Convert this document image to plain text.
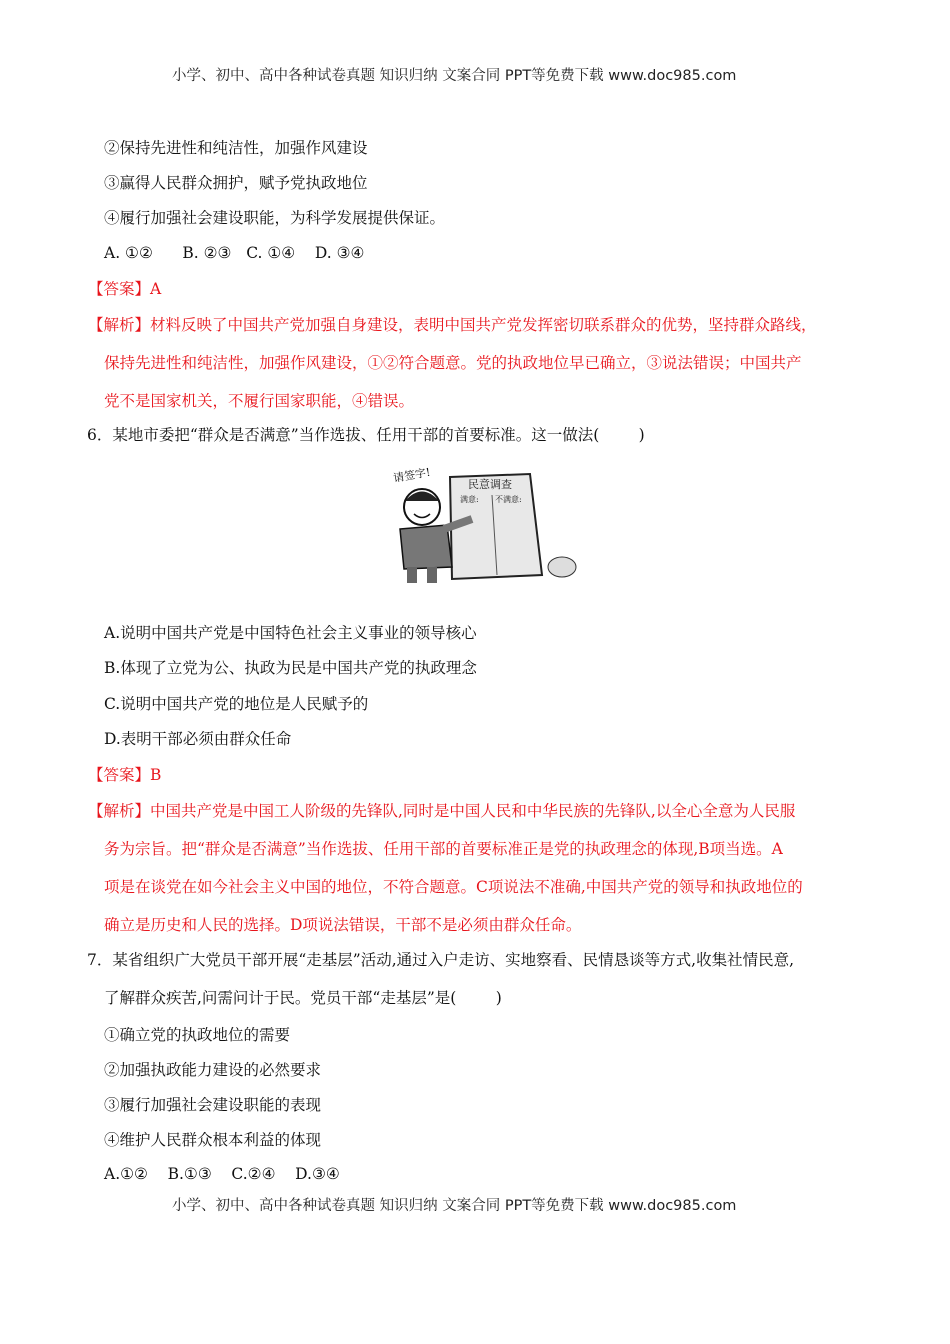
小学、初中、高中各种试卷真题 知识归纳 文案合同 PPT等免费下载 www.doc985.com
②保持先进性和纯洁性，加强作风建设
③赢得人民群众拥护，赋予党执政地位
④履行加强社会建设职能，为科学发展提供保证。
A. ①②      B. ②③   C. ①④    D. ③④
【答案】A
【解析】材料反映了中国共产党加强自身建设，表明中国共产党发挥密切联系群众的优势，坚持群众路线，
保持先进性和纯洁性，加强作风建设，①②符合题意。党的执政地位早已确立，③说法错误；中国共产
党不是国家机关，不履行国家职能，④错误。
6．某地市委把“群众是否满意”当作选拔、任用干部的首要标准。这一做法(        )
民意调查
满意: 不满意:
请签字!
A.说明中国共产党是中国特色社会主义事业的领导核心
B.体现了立党为公、执政为民是中国共产党的执政理念
C.说明中国共产党的地位是人民赋予的
D.表明干部必须由群众任命
【答案】B
【解析】中国共产党是中国工人阶级的先锋队,同时是中国人民和中华民族的先锋队,以全心全意为人民服
务为宗旨。把“群众是否满意”当作选拔、任用干部的首要标准正是党的执政理念的体现,B项当选。A
项是在谈党在如今社会主义中国的地位，不符合题意。C项说法不准确,中国共产党的领导和执政地位的
确立是历史和人民的选择。D项说法错误，干部不是必须由群众任命。
7．某省组织广大党员干部开展“走基层”活动,通过入户走访、实地察看、民情恳谈等方式,收集社情民意,
了解群众疾苦,问需问计于民。党员干部“走基层”是(        )
①确立党的执政地位的需要
②加强执政能力建设的必然要求
③履行加强社会建设职能的表现
④维护人民群众根本利益的体现
A.①②    B.①③    C.②④    D.③④
小学、初中、高中各种试卷真题 知识归纳 文案合同 PPT等免费下载 www.doc985.com
